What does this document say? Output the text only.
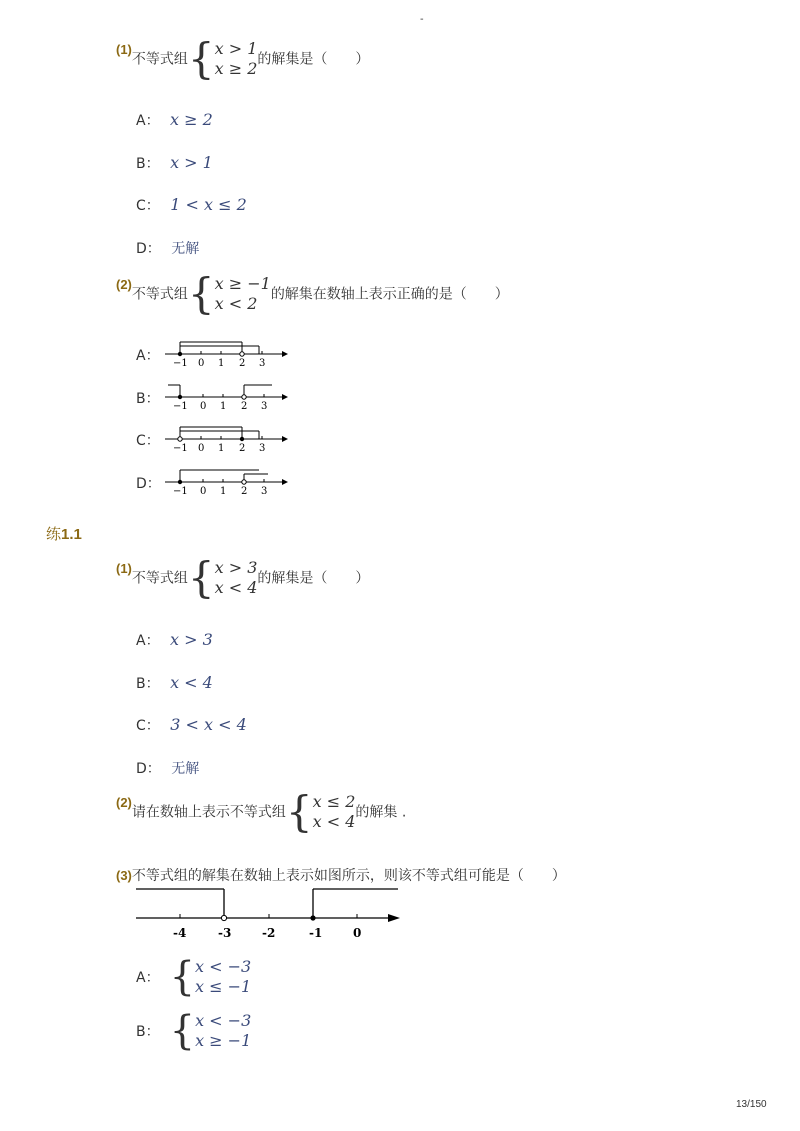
-
$^{(1)}$不等式组{ x > 1
x ≥ 2 的解集是（　　）
A： x ≥ 2
B： x > 1
C： 1 < x ≤ 2
D： 无解
$^{(2)}$不等式组{ x ≥ −1
x < 2 的解集在数轴上表示正确的是（　　）
A： −1 0 1 2 3
B： −1 0 1 2 3
C： −1 0 1 2 3
D： −1 0 1 2 3
练1.1
$^{(1)}$不等式组{ x > 3
x < 4 的解集是（　　）
A： x > 3
B： x < 4
C： 3 < x < 4
D： 无解
$^{(2)}$请在数轴上表示不等式组{ x ≤ 2
x < 4 的解集 .
(3)不等式组的解集在数轴上表示如图所示，则该不等式组可能是（　　）
-4	-3	-2	-1	0
A： { x < −3
x ≤ −1
B： { x < −3
x ≥ −1
13/150
